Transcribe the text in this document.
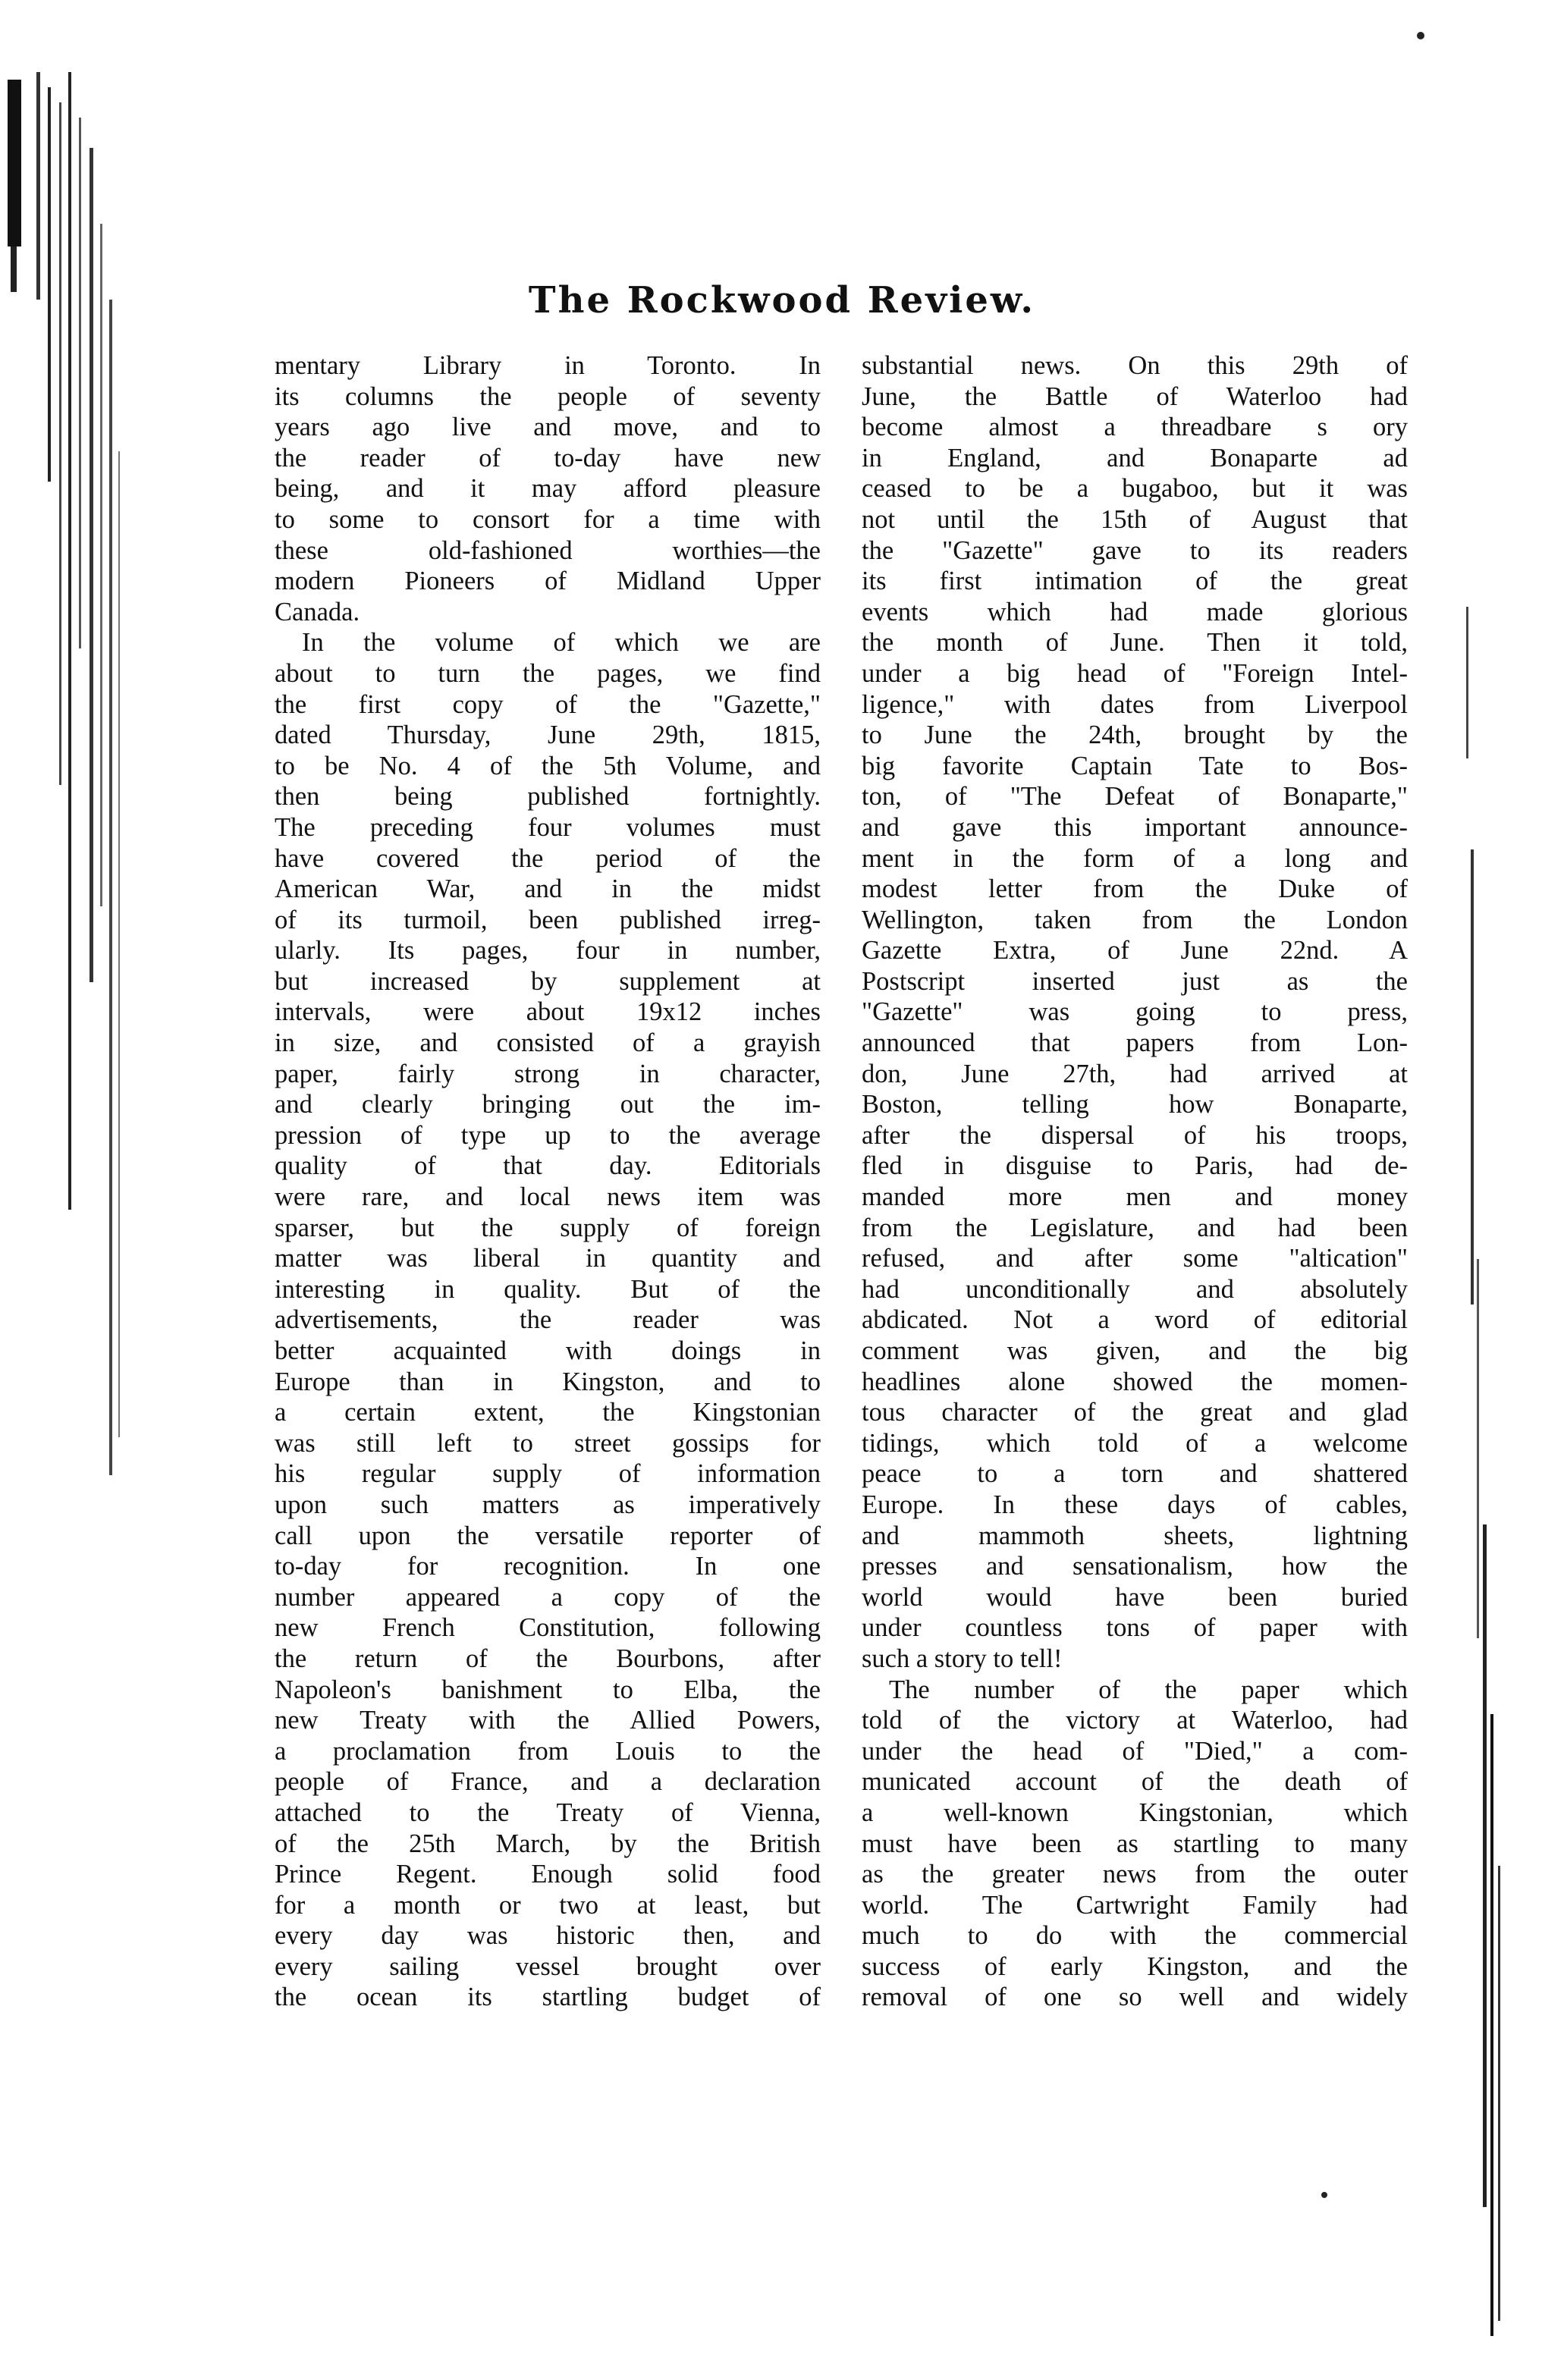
The Rockwood Review.
mentary Library in Toronto. In
its columns the people of seventy
years ago live and move, and to
the reader of to-day have new
being, and it may afford pleasure
to some to consort for a time with
these old-fashioned worthies—the
modern Pioneers of Midland Upper
Canada.
In the volume of which we are
about to turn the pages, we find
the first copy of the "Gazette,"
dated Thursday, June 29th, 1815,
to be No. 4 of the 5th Volume, and
then being published fortnightly.
The preceding four volumes must
have covered the period of the
American War, and in the midst
of its turmoil, been published irreg-
ularly. Its pages, four in number,
but increased by supplement at
intervals, were about 19x12 inches
in size, and consisted of a grayish
paper, fairly strong in character,
and clearly bringing out the im-
pression of type up to the average
quality of that day. Editorials
were rare, and local news item was
sparser, but the supply of foreign
matter was liberal in quantity and
interesting in quality. But of the
advertisements, the reader was
better acquainted with doings in
Europe than in Kingston, and to
a certain extent, the Kingstonian
was still left to street gossips for
his regular supply of information
upon such matters as imperatively
call upon the versatile reporter of
to-day for recognition. In one
number appeared a copy of the
new French Constitution, following
the return of the Bourbons, after
Napoleon's banishment to Elba, the
new Treaty with the Allied Powers,
a proclamation from Louis to the
people of France, and a declaration
attached to the Treaty of Vienna,
of the 25th March, by the British
Prince Regent. Enough solid food
for a month or two at least, but
every day was historic then, and
every sailing vessel brought over
the ocean its startling budget of
substantial news. On this 29th of
June, the Battle of Waterloo had
become almost a threadbare s ory
in England, and Bonaparte ad
ceased to be a bugaboo, but it was
not until the 15th of August that
the "Gazette" gave to its readers
its first intimation of the great
events which had made glorious
the month of June. Then it told,
under a big head of "Foreign Intel-
ligence," with dates from Liverpool
to June the 24th, brought by the
big favorite Captain Tate to Bos-
ton, of "The Defeat of Bonaparte,"
and gave this important announce-
ment in the form of a long and
modest letter from the Duke of
Wellington, taken from the London
Gazette Extra, of June 22nd. A
Postscript inserted just as the
"Gazette" was going to press,
announced that papers from Lon-
don, June 27th, had arrived at
Boston, telling how Bonaparte,
after the dispersal of his troops,
fled in disguise to Paris, had de-
manded more men and money
from the Legislature, and had been
refused, and after some "altication"
had unconditionally and absolutely
abdicated. Not a word of editorial
comment was given, and the big
headlines alone showed the momen-
tous character of the great and glad
tidings, which told of a welcome
peace to a torn and shattered
Europe. In these days of cables,
and mammoth sheets, lightning
presses and sensationalism, how the
world would have been buried
under countless tons of paper with
such a story to tell!
The number of the paper which
told of the victory at Waterloo, had
under the head of "Died," a com-
municated account of the death of
a well-known Kingstonian, which
must have been as startling to many
as the greater news from the outer
world. The Cartwright Family had
much to do with the commercial
success of early Kingston, and the
removal of one so well and widely
